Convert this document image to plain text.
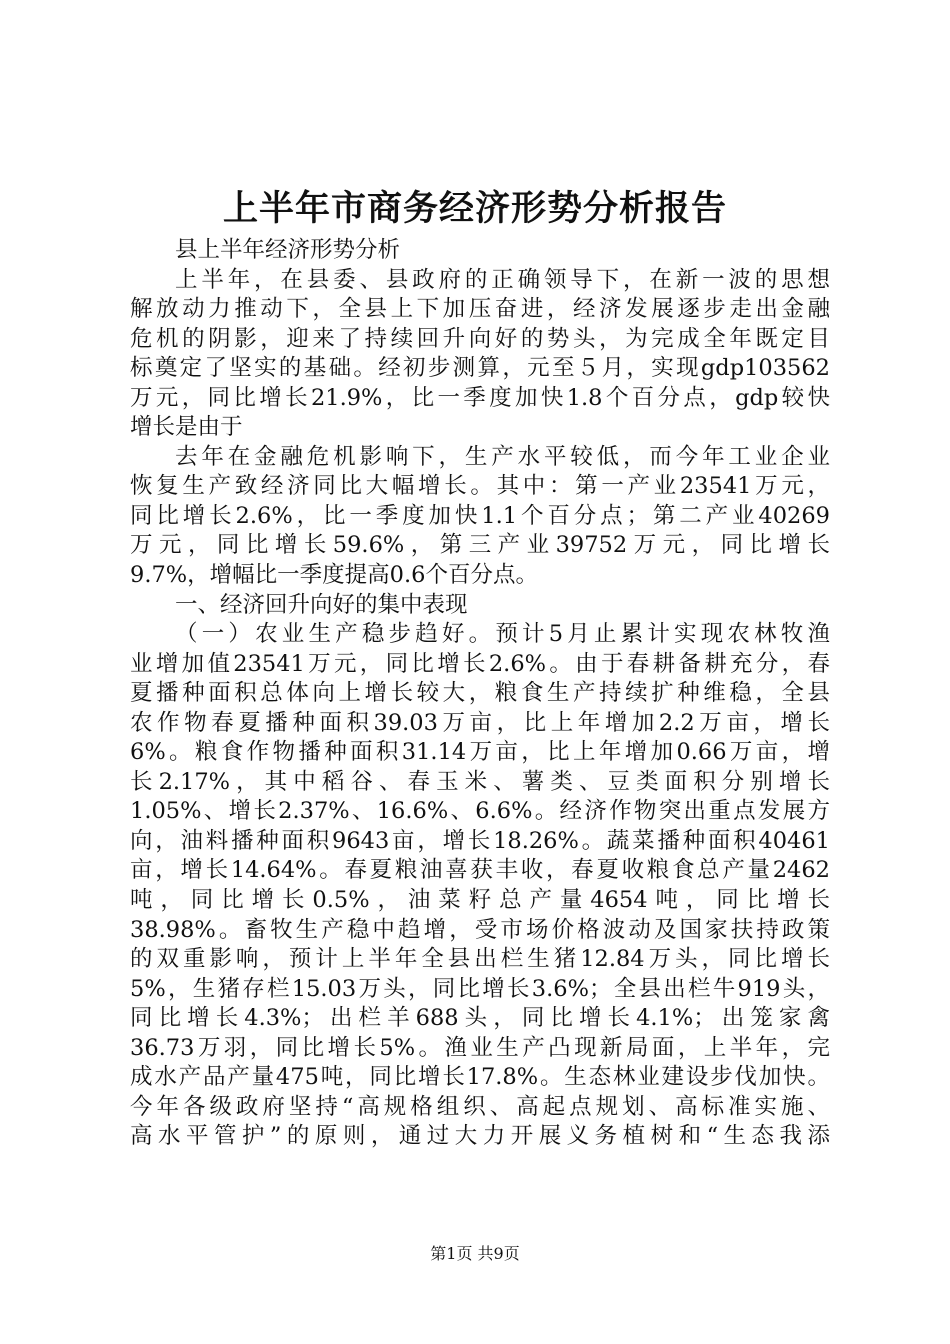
上半年市商务经济形势分析报告
县上半年经济形势分析
上半年，在县委、县政府的正确领导下，在新一波的思想
解放动力推动下，全县上下加压奋进，经济发展逐步走出金融
危机的阴影，迎来了持续回升向好的势头，为完成全年既定目
标奠定了坚实的基础。经初步测算，元至５月，实现gdp103562
万元，同比增长21.9%，比一季度加快1.8个百分点，gdp较快
增长是由于
去年在金融危机影响下，生产水平较低，而今年工业企业
恢复生产致经济同比大幅增长。其中：第一产业23541万元，
同比增长2.6%，比一季度加快1.1个百分点；第二产业40269
万元，同比增长59.6%，第三产业39752万元，同比增长
9.7%，增幅比一季度提高0.6个百分点。
一、经济回升向好的集中表现
（一）农业生产稳步趋好。预计5月止累计实现农林牧渔
业增加值23541万元，同比增长2.6%。由于春耕备耕充分，春
夏播种面积总体向上增长较大，粮食生产持续扩种维稳，全县
农作物春夏播种面积39.03万亩，比上年增加2.2万亩，增长
6%。粮食作物播种面积31.14万亩，比上年增加0.66万亩，增
长2.17%，其中稻谷、春玉米、薯类、豆类面积分别增长
1.05%、增长2.37%、16.6%、6.6%。经济作物突出重点发展方
向，油料播种面积9643亩，增长18.26%。蔬菜播种面积40461
亩，增长14.64%。春夏粮油喜获丰收，春夏收粮食总产量2462
吨，同比增长0.5%，油菜籽总产量4654吨，同比增长
38.98%。畜牧生产稳中趋增，受市场价格波动及国家扶持政策
的双重影响，预计上半年全县出栏生猪12.84万头，同比增长
5%，生猪存栏15.03万头，同比增长3.6%；全县出栏牛919头，
同比增长4.3%；出栏羊688头，同比增长4.1%；出笼家禽
36.73万羽，同比增长5%。渔业生产凸现新局面，上半年，完
成水产品产量475吨，同比增长17.8%。生态林业建设步伐加快。
今年各级政府坚持“高规格组织、高起点规划、高标准实施、
高水平管护”的原则，通过大力开展义务植树和“生态我添
第1页 共9页
